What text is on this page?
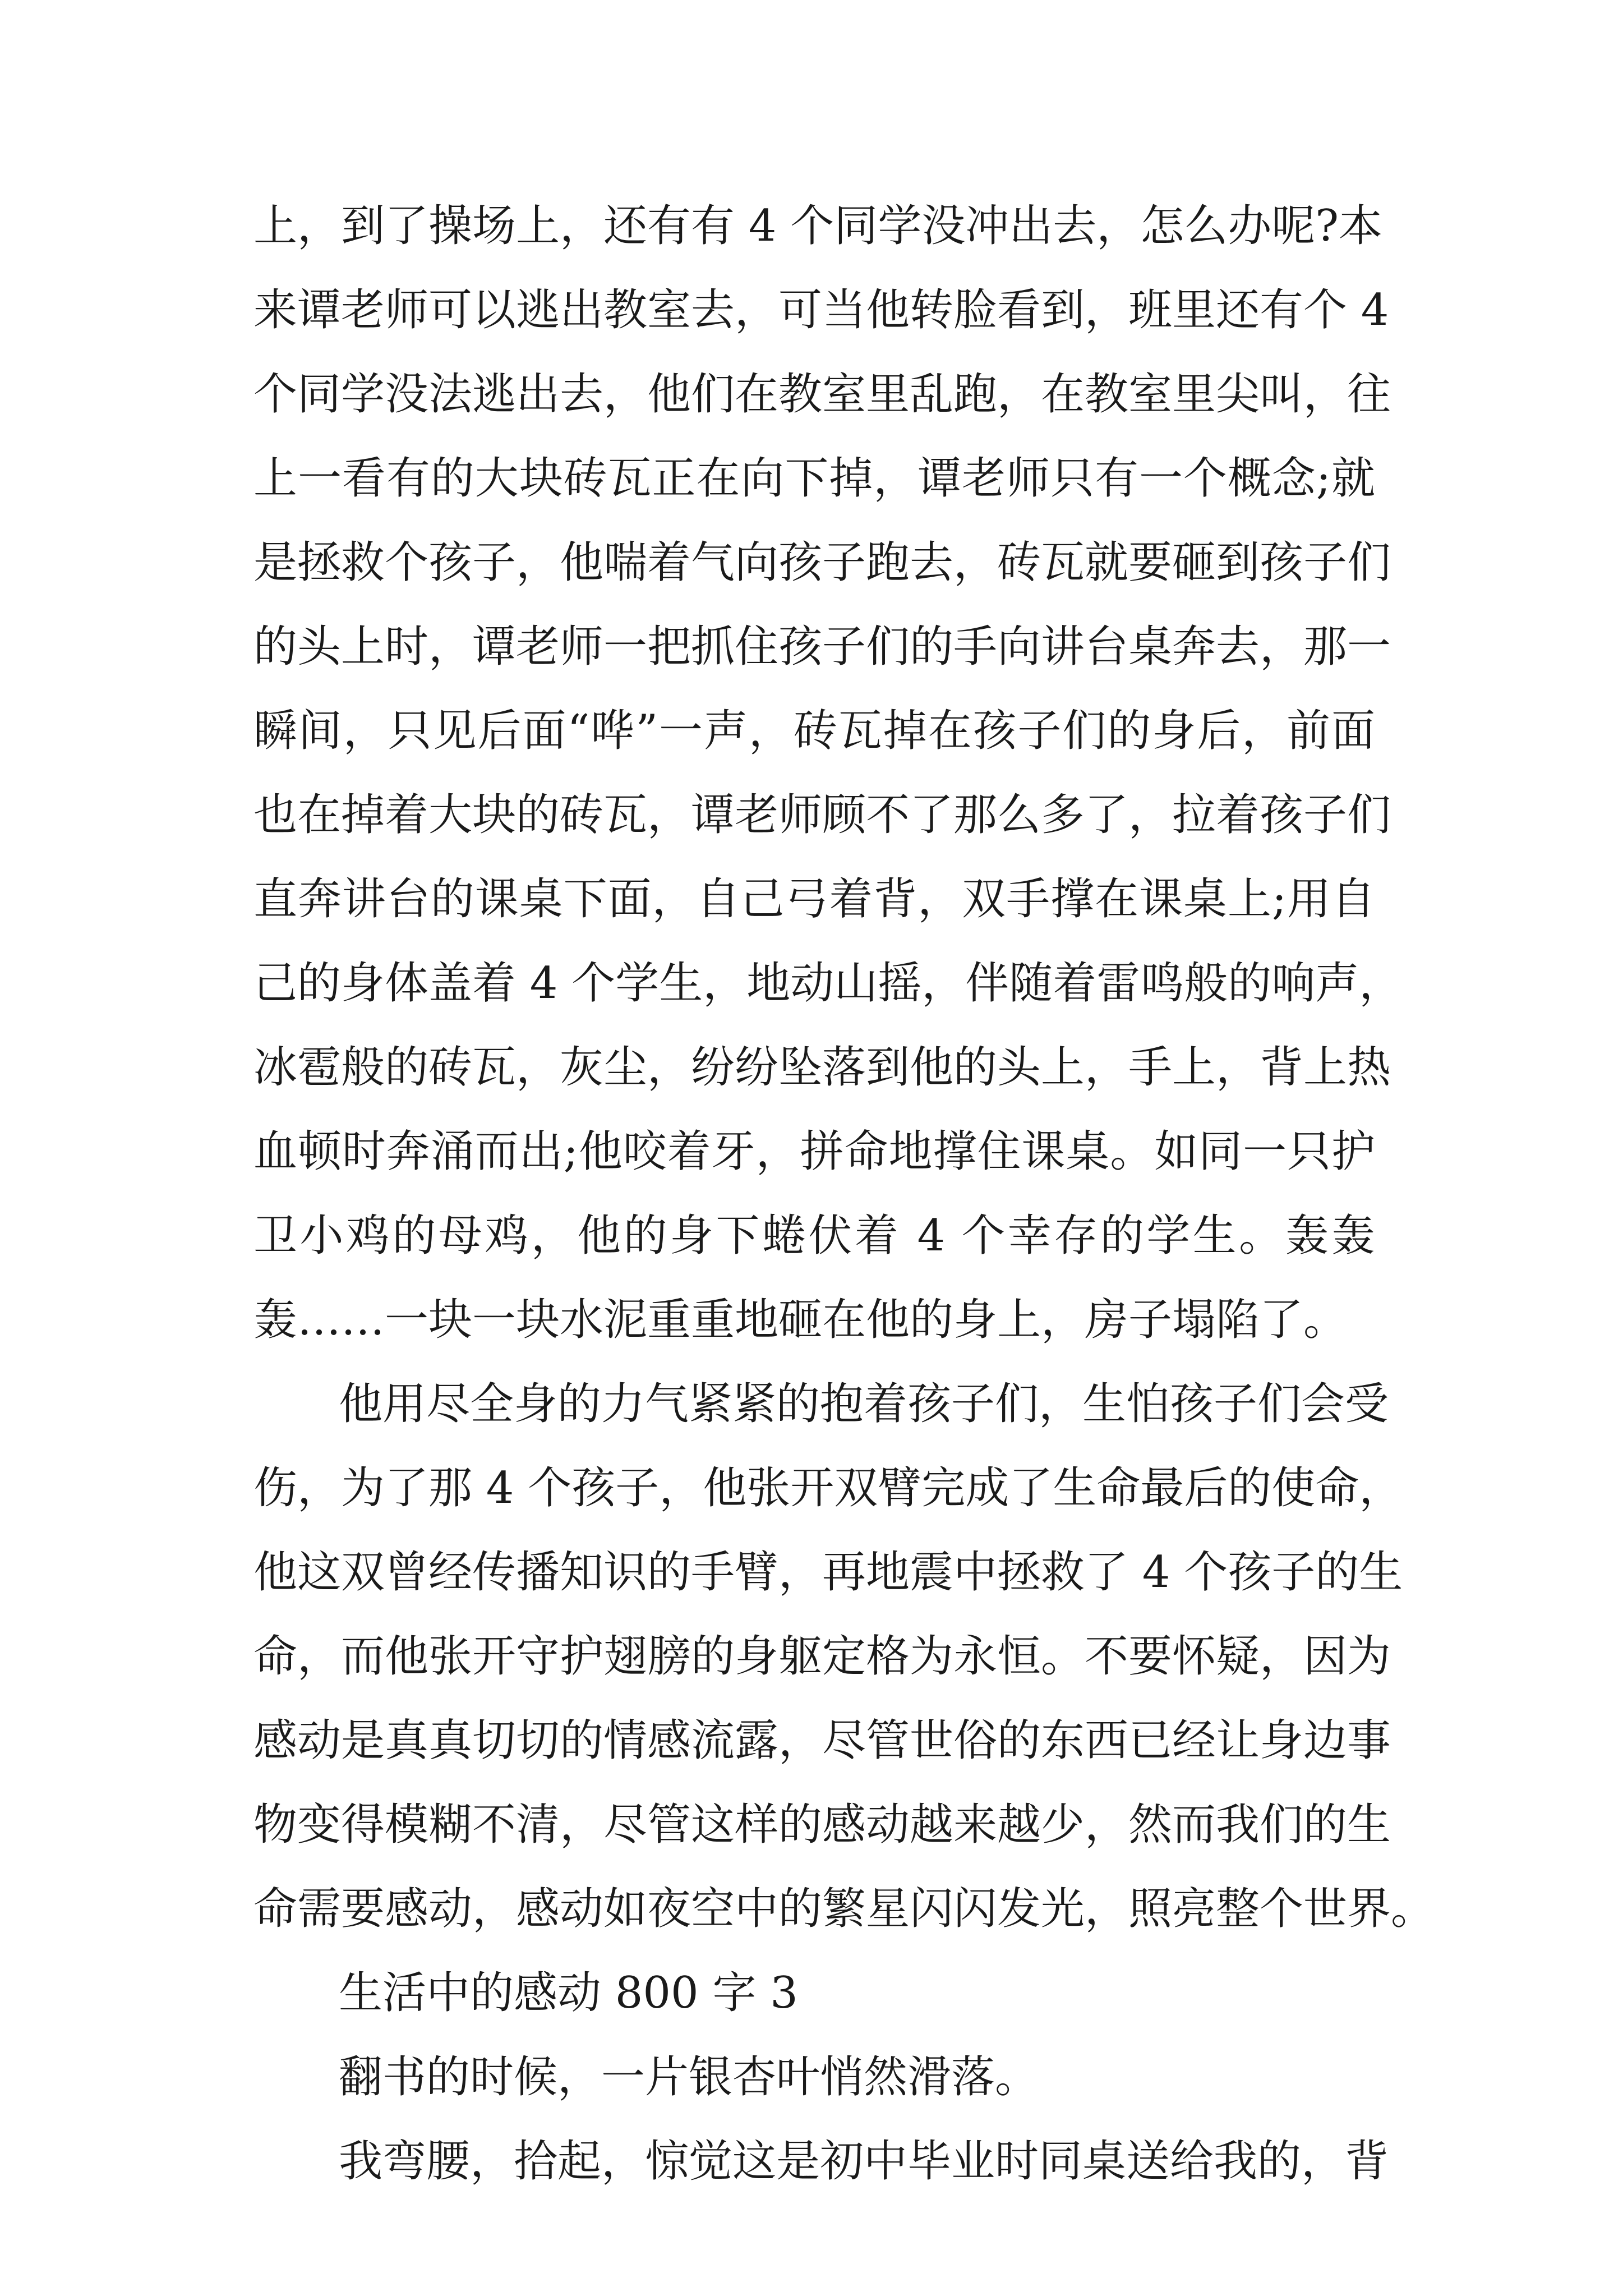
上，到了操场上，还有有 4 个同学没冲出去，怎么办呢?本
来谭老师可以逃出教室去，可当他转脸看到，班里还有个 4
个同学没法逃出去，他们在教室里乱跑，在教室里尖叫，往
上一看有的大块砖瓦正在向下掉，谭老师只有一个概念;就
是拯救个孩子，他喘着气向孩子跑去，砖瓦就要砸到孩子们
的头上时，谭老师一把抓住孩子们的手向讲台桌奔去，那一
瞬间，只见后面“哗”一声，砖瓦掉在孩子们的身后，前面
也在掉着大块的砖瓦，谭老师顾不了那么多了，拉着孩子们
直奔讲台的课桌下面，自己弓着背，双手撑在课桌上;用自
己的身体盖着 4 个学生，地动山摇，伴随着雷鸣般的响声，
冰雹般的砖瓦，灰尘，纷纷坠落到他的头上，手上，背上热
血顿时奔涌而出;他咬着牙，拼命地撑住课桌。如同一只护
卫小鸡的母鸡，他的身下蜷伏着 4 个幸存的学生。轰轰
轰……一块一块水泥重重地砸在他的身上，房子塌陷了。
他用尽全身的力气紧紧的抱着孩子们，生怕孩子们会受
伤，为了那 4 个孩子，他张开双臂完成了生命最后的使命，
他这双曾经传播知识的手臂，再地震中拯救了 4 个孩子的生
命，而他张开守护翅膀的身躯定格为永恒。不要怀疑，因为
感动是真真切切的情感流露，尽管世俗的东西已经让身边事
物变得模糊不清，尽管这样的感动越来越少，然而我们的生
命需要感动，感动如夜空中的繁星闪闪发光，照亮整个世界。
生活中的感动 800 字 3
翻书的时候，一片银杏叶悄然滑落。
我弯腰，拾起，惊觉这是初中毕业时同桌送给我的，背
